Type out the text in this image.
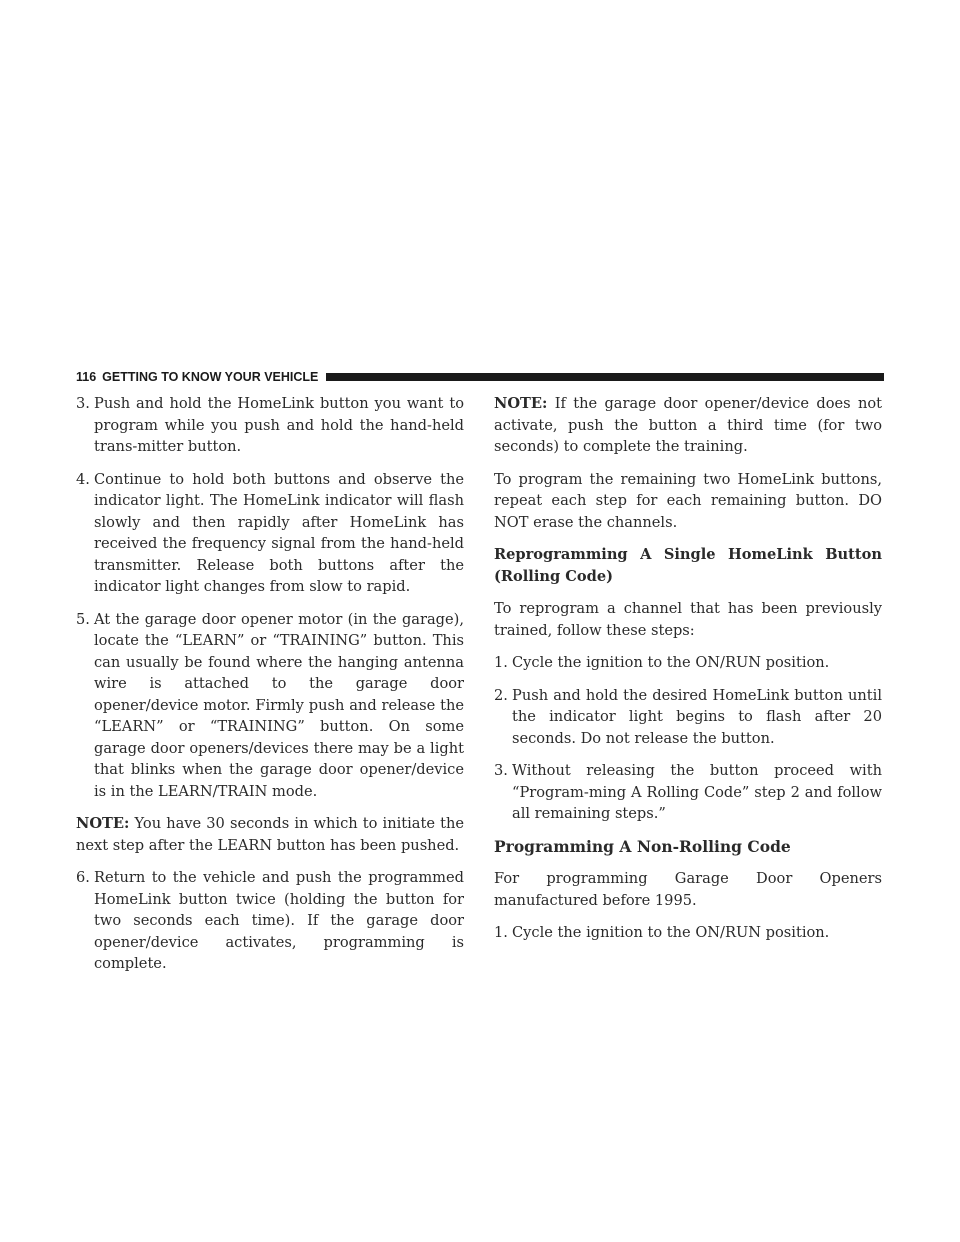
116 GETTING TO KNOW YOUR VEHICLE
3. Push and hold the HomeLink button you want to program while you push and hold the hand-held trans-mitter button.
4. Continue to hold both buttons and observe the indicator light. The HomeLink indicator will flash slowly and then rapidly after HomeLink has received the frequency signal from the hand-held transmitter. Release both buttons after the indicator light changes from slow to rapid.
5. At the garage door opener motor (in the garage), locate the “LEARN” or “TRAINING” button. This can usually be found where the hanging antenna wire is attached to the garage door opener/device motor. Firmly push and release the “LEARN” or “TRAINING” button. On some garage door openers/devices there may be a light that blinks when the garage door opener/device is in the LEARN/TRAIN mode.

NOTE: You have 30 seconds in which to initiate the next step after the LEARN button has been pushed.

6. Return to the vehicle and push the programmed HomeLink button twice (holding the button for two seconds each time). If the garage door opener/device activates, programming is complete.

NOTE: If the garage door opener/device does not activate, push the button a third time (for two seconds) to complete the training.

To program the remaining two HomeLink buttons, repeat each step for each remaining button. DO NOT erase the channels.

Reprogramming A Single HomeLink Button (Rolling Code)

To reprogram a channel that has been previously trained, follow these steps:

1. Cycle the ignition to the ON/RUN position.
2. Push and hold the desired HomeLink button until the indicator light begins to flash after 20 seconds. Do not release the button.
3. Without releasing the button proceed with “Program-ming A Rolling Code” step 2 and follow all remaining steps.”

Programming A Non-Rolling Code

For programming Garage Door Openers manufactured before 1995.

1. Cycle the ignition to the ON/RUN position.
